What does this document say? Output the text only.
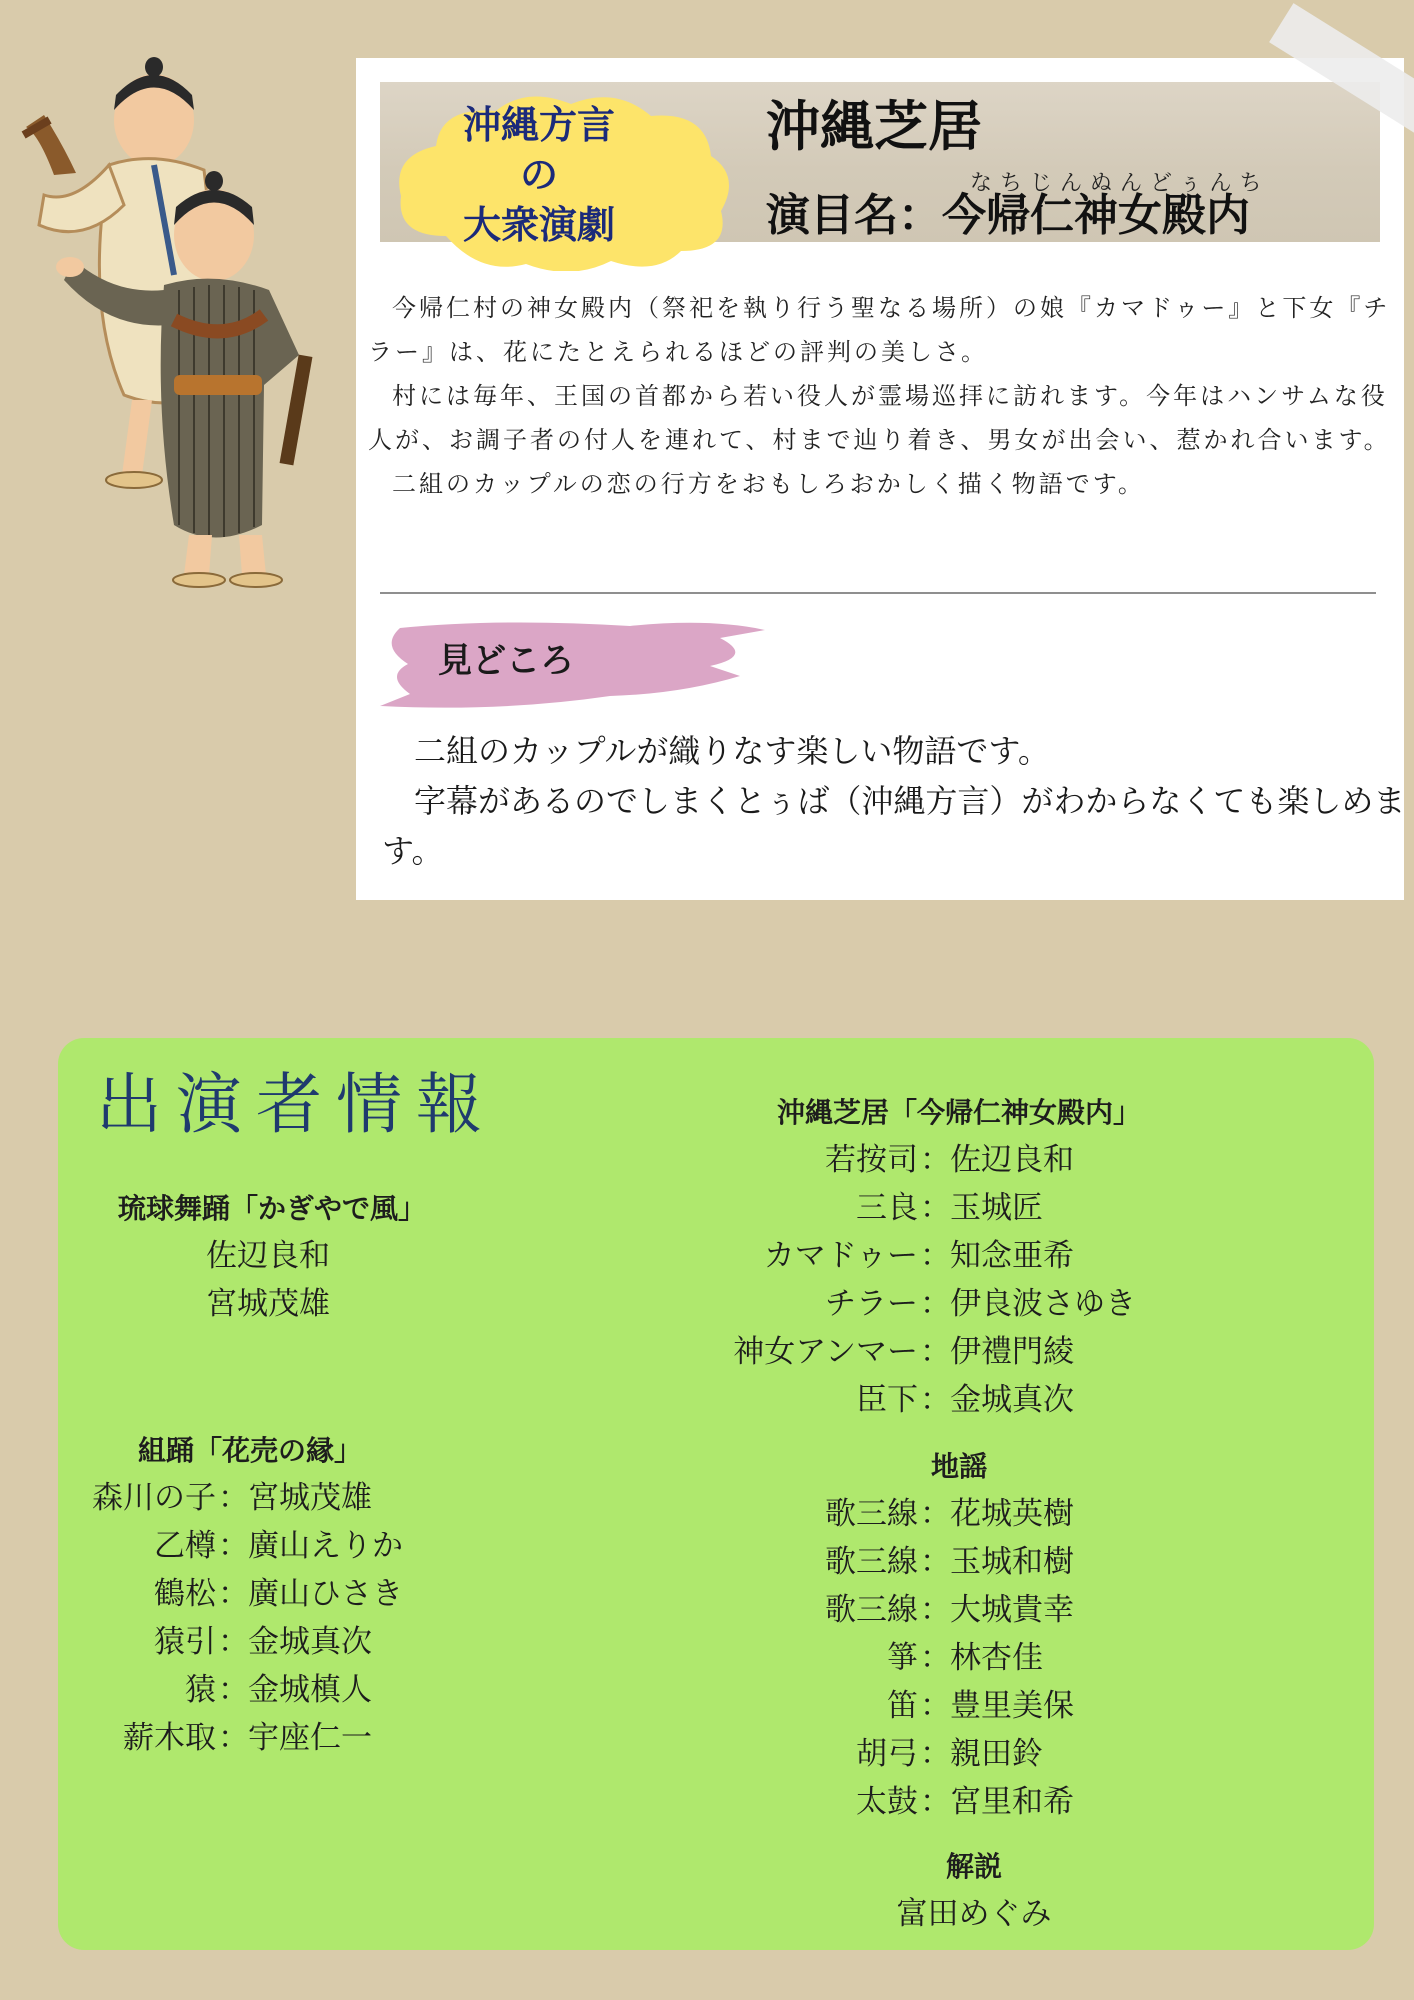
沖縄方言
の
大衆演劇
沖縄芝居
なちじんぬんどぅんち
演目名：今帰仁神女殿内

今帰仁村の神女殿内（祭祀を執り行う聖なる場所）の娘『カマドゥー』と下女『チラー』は、花にたとえられるほどの評判の美しさ。

村には毎年、王国の首都から若い役人が霊場巡拝に訪れます。今年はハンサムな役人が、お調子者の付人を連れて、村まで辿り着き、男女が出会い、惹かれ合います。

二組のカップルの恋の行方をおもしろおかしく描く物語です。

見どころ

二組のカップルが織りなす楽しい物語です。

字幕があるのでしまくとぅば（沖縄方言）がわからなくても楽しめます。

出演者情報
琉球舞踊「かぎやで風」
佐辺良和
宮城茂雄
組踊「花売の縁」
森川の子 ： 宮城茂雄
乙樽 ： 廣山えりか
鶴松 ： 廣山ひさき
猿引 ： 金城真次
猿 ： 金城槙人
薪木取 ： 宇座仁一
沖縄芝居「今帰仁神女殿内」
若按司 ： 佐辺良和
三良 ： 玉城匠
カマドゥー ： 知念亜希
チラー ： 伊良波さゆき
神女アンマー ： 伊禮門綾
臣下 ： 金城真次
地謡
歌三線 ： 花城英樹
歌三線 ： 玉城和樹
歌三線 ： 大城貴幸
箏 ： 林杏佳
笛 ： 豊里美保
胡弓 ： 親田鈴
太鼓 ： 宮里和希
解説
富田めぐみ
